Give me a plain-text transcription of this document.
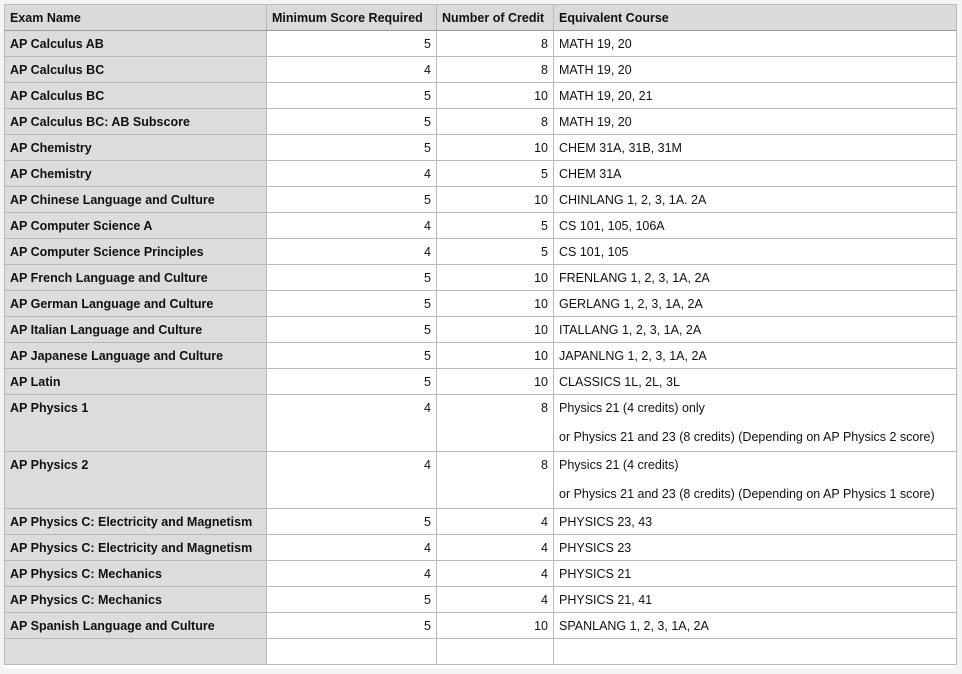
Exam Name	Minimum Score Required	Number of Credit	Equivalent Course
AP Calculus AB	5	8	MATH 19, 20
AP Calculus BC	4	8	MATH 19, 20
AP Calculus BC	5	10	MATH 19, 20, 21
AP Calculus BC: AB Subscore	5	8	MATH 19, 20
AP Chemistry	5	10	CHEM 31A, 31B, 31M
AP Chemistry	4	5	CHEM 31A
AP Chinese Language and Culture	5	10	CHINLANG 1, 2, 3, 1A. 2A
AP Computer Science A	4	5	CS 101, 105, 106A
AP Computer Science Principles	4	5	CS 101, 105
AP French Language and Culture	5	10	FRENLANG 1, 2, 3, 1A, 2A
AP German Language and Culture	5	10	GERLANG 1, 2, 3, 1A, 2A
AP Italian Language and Culture	5	10	ITALLANG 1, 2, 3, 1A, 2A
AP Japanese Language and Culture	5	10	JAPANLNG 1, 2, 3, 1A, 2A
AP Latin	5	10	CLASSICS 1L, 2L, 3L
AP Physics 1	4	8	Physics 21 (4 credits) only
or Physics 21 and 23 (8 credits) (Depending on AP Physics 2 score)

AP Physics 2	4	8	Physics 21 (4 credits)
or Physics 21 and 23 (8 credits) (Depending on AP Physics 1 score)

AP Physics C: Electricity and Magnetism	5	4	PHYSICS 23, 43
AP Physics C: Electricity and Magnetism	4	4	PHYSICS 23
AP Physics C: Mechanics	4	4	PHYSICS 21
AP Physics C: Mechanics	5	4	PHYSICS 21, 41
AP Spanish Language and Culture	5	10	SPANLANG 1, 2, 3, 1A, 2A
